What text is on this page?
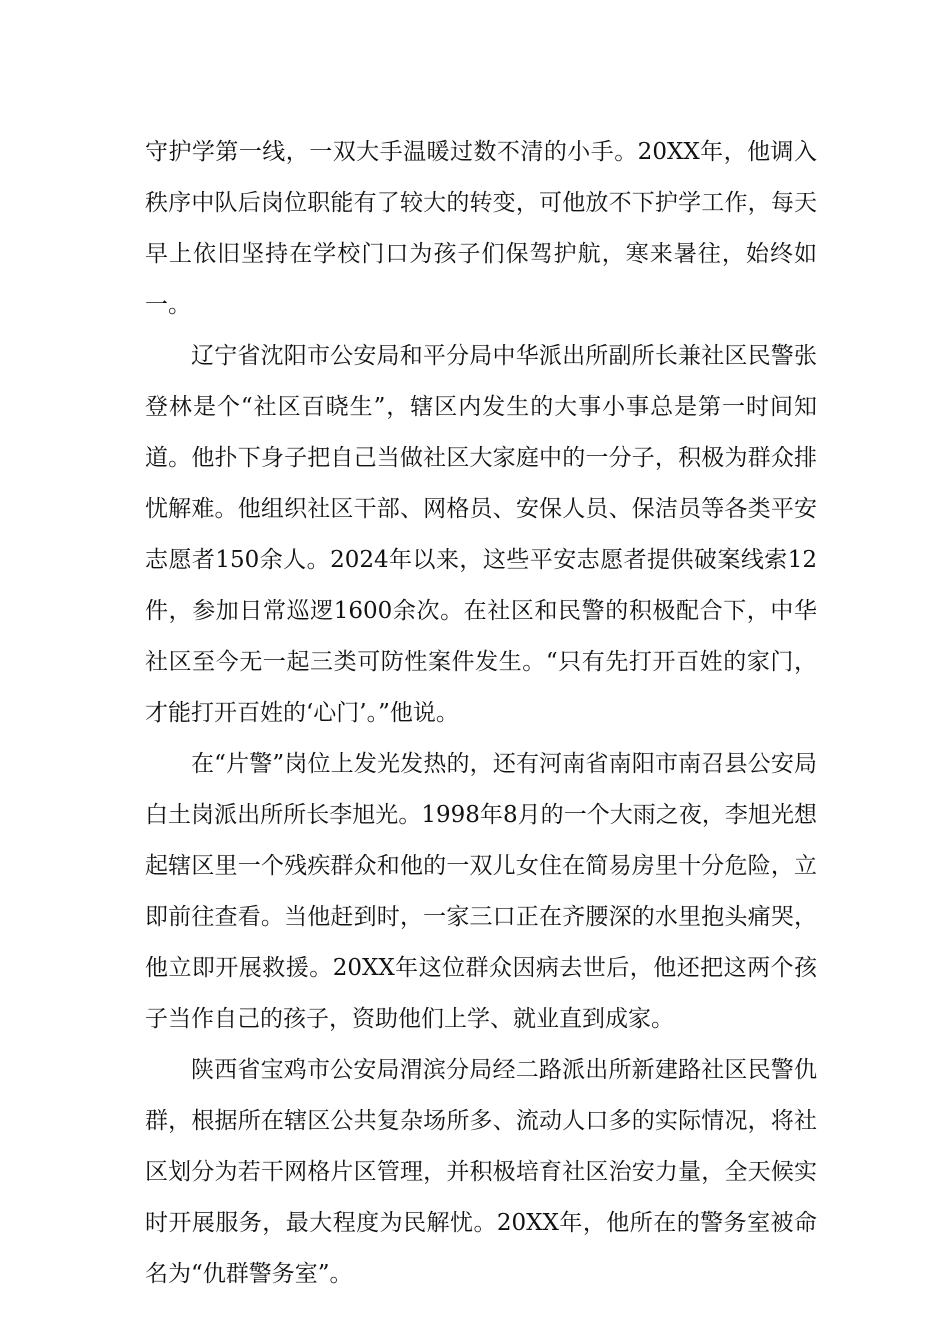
守护学第一线，一双大手温暖过数不清的小手。20XX年，他调入秩序中队后岗位职能有了较大的转变，可他放不下护学工作，每天早上依旧坚持在学校门口为孩子们保驾护航，寒来暑往，始终如一。

辽宁省沈阳市公安局和平分局中华派出所副所长兼社区民警张登林是个“社区百晓生”，辖区内发生的大事小事总是第一时间知道。他扑下身子把自己当做社区大家庭中的一分子，积极为群众排忧解难。他组织社区干部、网格员、安保人员、保洁员等各类平安志愿者150余人。2024年以来，这些平安志愿者提供破案线索12件，参加日常巡逻1600余次。在社区和民警的积极配合下，中华社区至今无一起三类可防性案件发生。“只有先打开百姓的家门，才能打开百姓的‘心门’。”他说。

在“片警”岗位上发光发热的，还有河南省南阳市南召县公安局白土岗派出所所长李旭光。1998年8月的一个大雨之夜，李旭光想起辖区里一个残疾群众和他的一双儿女住在简易房里十分危险，立即前往查看。当他赶到时，一家三口正在齐腰深的水里抱头痛哭，他立即开展救援。20XX年这位群众因病去世后，他还把这两个孩子当作自己的孩子，资助他们上学、就业直到成家。

陕西省宝鸡市公安局渭滨分局经二路派出所新建路社区民警仇群，根据所在辖区公共复杂场所多、流动人口多的实际情况，将社区划分为若干网格片区管理，并积极培育社区治安力量，全天候实时开展服务，最大程度为民解忧。20XX年，他所在的警务室被命名为“仇群警务室”。
